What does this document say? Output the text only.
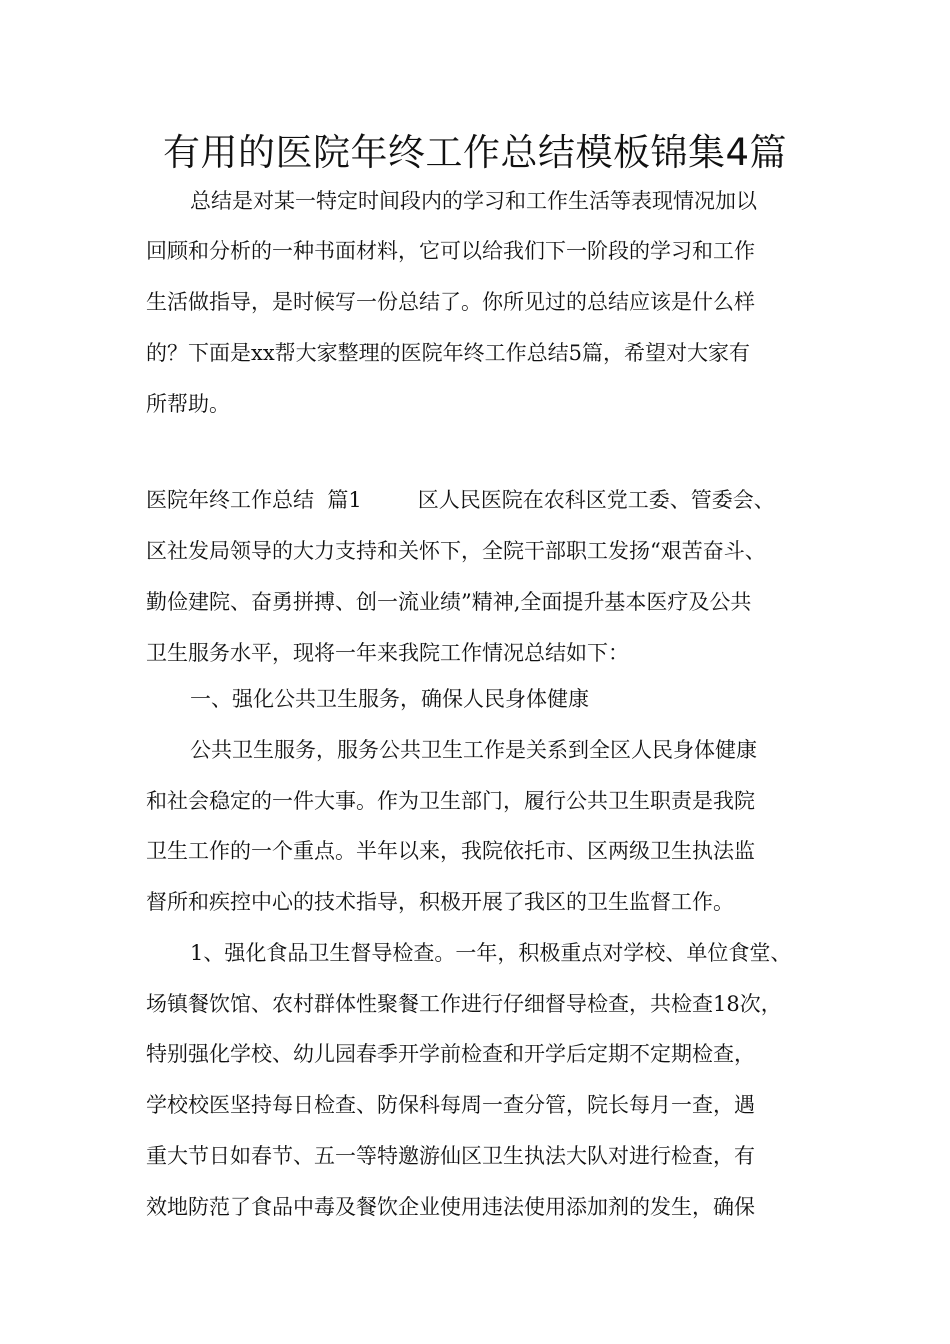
有用的医院年终工作总结模板锦集4篇
总结是对某一特定时间段内的学习和工作生活等表现情况加以
回顾和分析的一种书面材料，它可以给我们下一阶段的学习和工作
生活做指导，是时候写一份总结了。你所见过的总结应该是什么样
的？下面是xx帮大家整理的医院年终工作总结5篇，希望对大家有
所帮助。
医院年终工作总结  篇1	区人民医院在农科区党工委、管委会、
区社发局领导的大力支持和关怀下，全院干部职工发扬“艰苦奋斗、
勤俭建院、奋勇拼搏、创一流业绩”精神,全面提升基本医疗及公共
卫生服务水平，现将一年来我院工作情况总结如下：
一、强化公共卫生服务，确保人民身体健康
公共卫生服务，服务公共卫生工作是关系到全区人民身体健康
和社会稳定的一件大事。作为卫生部门，履行公共卫生职责是我院
卫生工作的一个重点。半年以来，我院依托市、区两级卫生执法监
督所和疾控中心的技术指导，积极开展了我区的卫生监督工作。
1、强化食品卫生督导检查。一年，积极重点对学校、单位食堂、
场镇餐饮馆、农村群体性聚餐工作进行仔细督导检查，共检查18次，
特别强化学校、幼儿园春季开学前检查和开学后定期不定期检查，
学校校医坚持每日检查、防保科每周一查分管，院长每月一查，遇
重大节日如春节、五一等特邀游仙区卫生执法大队对进行检查，有
效地防范了食品中毒及餐饮企业使用违法使用添加剂的发生，确保
